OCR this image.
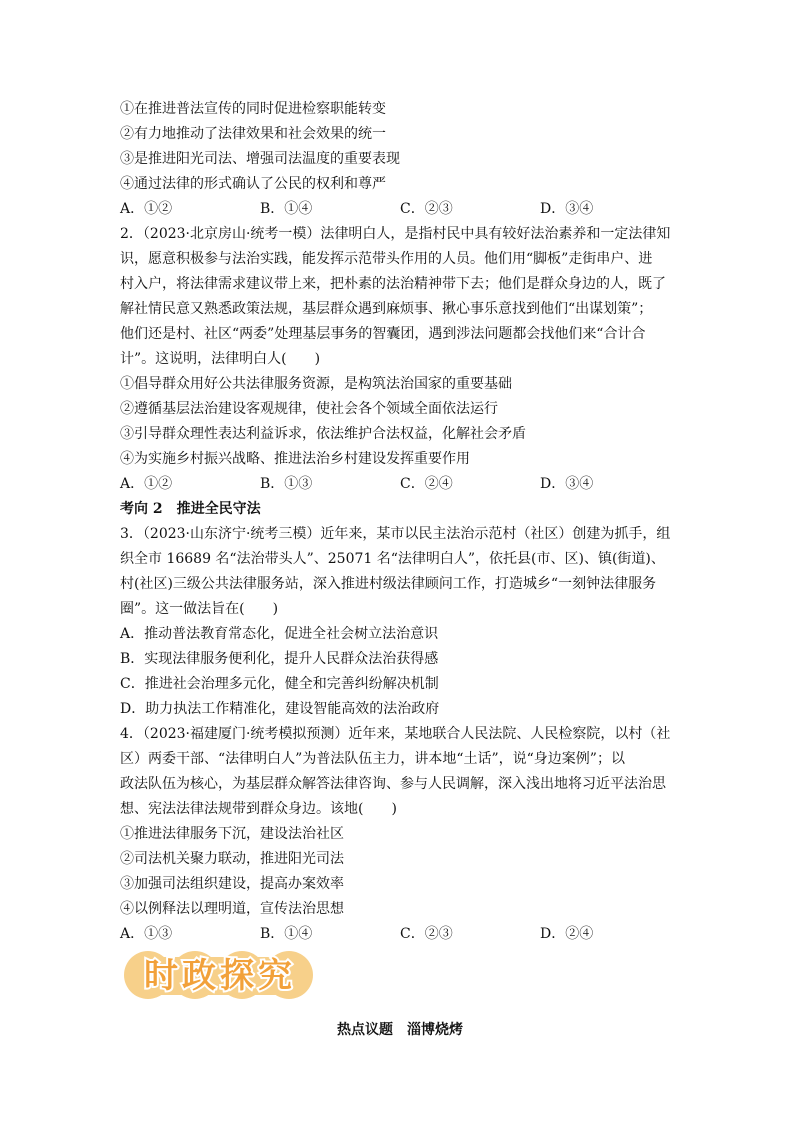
①在推进普法宣传的同时促进检察职能转变
②有力地推动了法律效果和社会效果的统一
③是推进阳光司法、增强司法温度的重要表现
④通过法律的形式确认了公民的权利和尊严
A．①②	B．①④	C．②③	D．③④
2．（2023·北京房山·统考一模）法律明白人，是指村民中具有较好法治素养和一定法律知
识，愿意积极参与法治实践，能发挥示范带头作用的人员。他们用“脚板”走街串户、进
村入户，将法律需求建议带上来，把朴素的法治精神带下去；他们是群众身边的人，既了
解社情民意又熟悉政策法规，基层群众遇到麻烦事、揪心事乐意找到他们“出谋划策”；
他们还是村、社区“两委”处理基层事务的智囊团，遇到涉法问题都会找他们来“合计合
计”。这说明，法律明白人(　　)
①倡导群众用好公共法律服务资源，是构筑法治国家的重要基础
②遵循基层法治建设客观规律，使社会各个领域全面依法运行
③引导群众理性表达利益诉求，依法维护合法权益，化解社会矛盾
④为实施乡村振兴战略、推进法治乡村建设发挥重要作用
A．①②	B．①③	C．②④	D．③④
考向 2　推进全民守法
3．（2023·山东济宁·统考三模）近年来，某市以民主法治示范村（社区）创建为抓手，组
织全市 16689 名“法治带头人”、25071 名“法律明白人”，依托县(市、区)、镇(街道)、
村(社区)三级公共法律服务站，深入推进村级法律顾问工作，打造城乡“一刻钟法律服务
圈”。这一做法旨在(　　)
A．推动普法教育常态化，促进全社会树立法治意识
B．实现法律服务便利化，提升人民群众法治获得感
C．推进社会治理多元化，健全和完善纠纷解决机制
D．助力执法工作精准化，建设智能高效的法治政府
4．（2023·福建厦门·统考模拟预测）近年来，某地联合人民法院、人民检察院，以村（社
区）两委干部、“法律明白人”为普法队伍主力，讲本地“土话”，说“身边案例”；以
政法队伍为核心，为基层群众解答法律咨询、参与人民调解，深入浅出地将习近平法治思
想、宪法法律法规带到群众身边。该地(　　)
①推进法律服务下沉，建设法治社区
②司法机关聚力联动，推进阳光司法
③加强司法组织建设，提高办案效率
④以例释法以理明道，宣传法治思想
A．①③	B．①④	C．②③	D．②④
时政探究
热点议题　淄博烧烤
